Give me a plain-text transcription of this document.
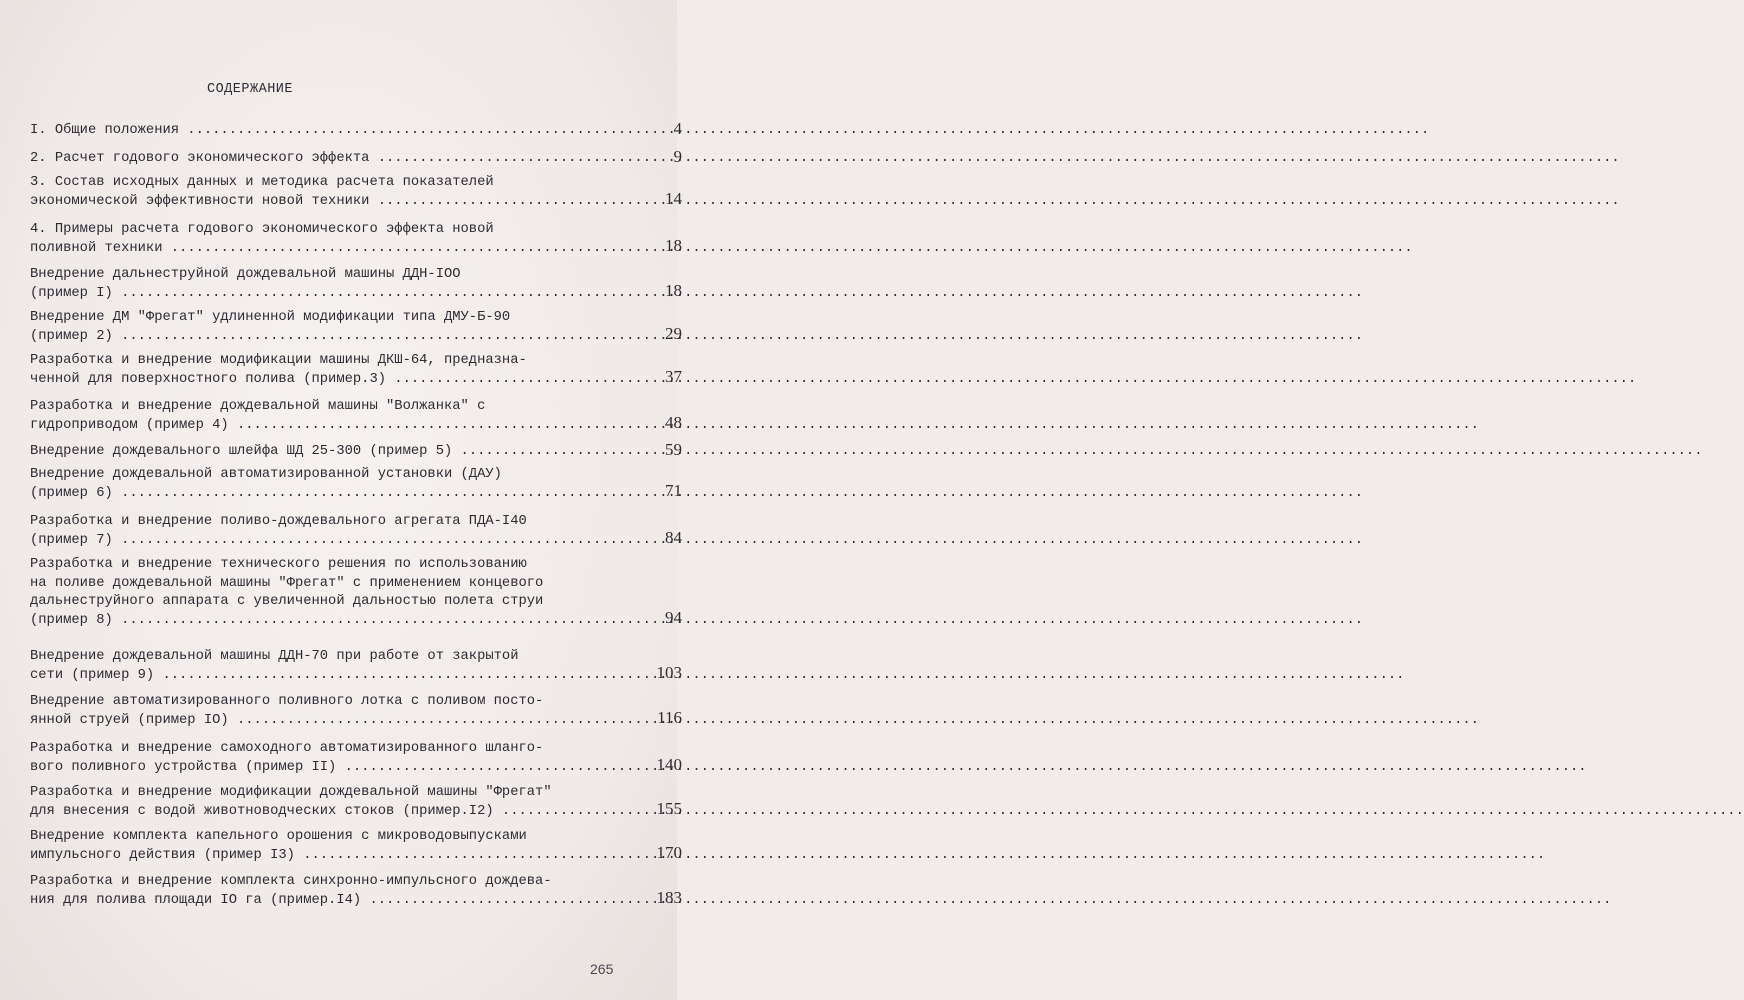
СОДЕРЖАНИЕ
I. Общие положения .....	4
2. Расчет годового экономического эффекта .....	9
3. Состав исходных данных и методика расчета показателей
экономической эффективности новой техники .....	14
4. Примеры расчета годового экономического эффекта новой
поливной техники .....	18
Внедрение дальнеструйной дождевальной машины ДДН-IOO
(пример I) .....	18
Внедрение ДМ "Фрегат" удлиненной модификации типа ДМУ-Б-90
(пример 2) .....	29
Разработка и внедрение модификации машины ДКШ-64, предназна-
ченной для поверхностного полива (пример.3) .....	37
Разработка и внедрение дождевальной машины "Волжанка" с
гидроприводом (пример 4) .....	48
Внедрение дождевального шлейфа ШД 25-300 (пример 5) .....	59
Внедрение дождевальной автоматизированной установки (ДАУ)
(пример 6) .....	71
Разработка и внедрение поливо-дождевального агрегата ПДА-I40
(пример 7) .....	84
Разработка и внедрение технического решения по использованию
на поливе дождевальной машины "Фрегат" с применением концевого
дальнеструйного аппарата с увеличенной дальностью полета струи
(пример 8) .....	94
Внедрение дождевальной машины ДДН-70 при работе от закрытой
сети (пример 9) .....	103
Внедрение автоматизированного поливного лотка с поливом посто-
янной струей (пример IO) .....	116
Разработка и внедрение самоходного автоматизированного шланго-
вого поливного устройства (пример II) .....	140
Разработка и внедрение модификации дождевальной машины "Фрегат"
для внесения с водой животноводческих стоков (пример.I2) .....	155
Внедрение комплекта капельного орошения с микроводовыпусками
импульсного действия (пример I3) .....	170
Разработка и внедрение комплекта синхронно-импульсного дождева-
ния для полива площади IO га (пример.I4) .....	183
265
